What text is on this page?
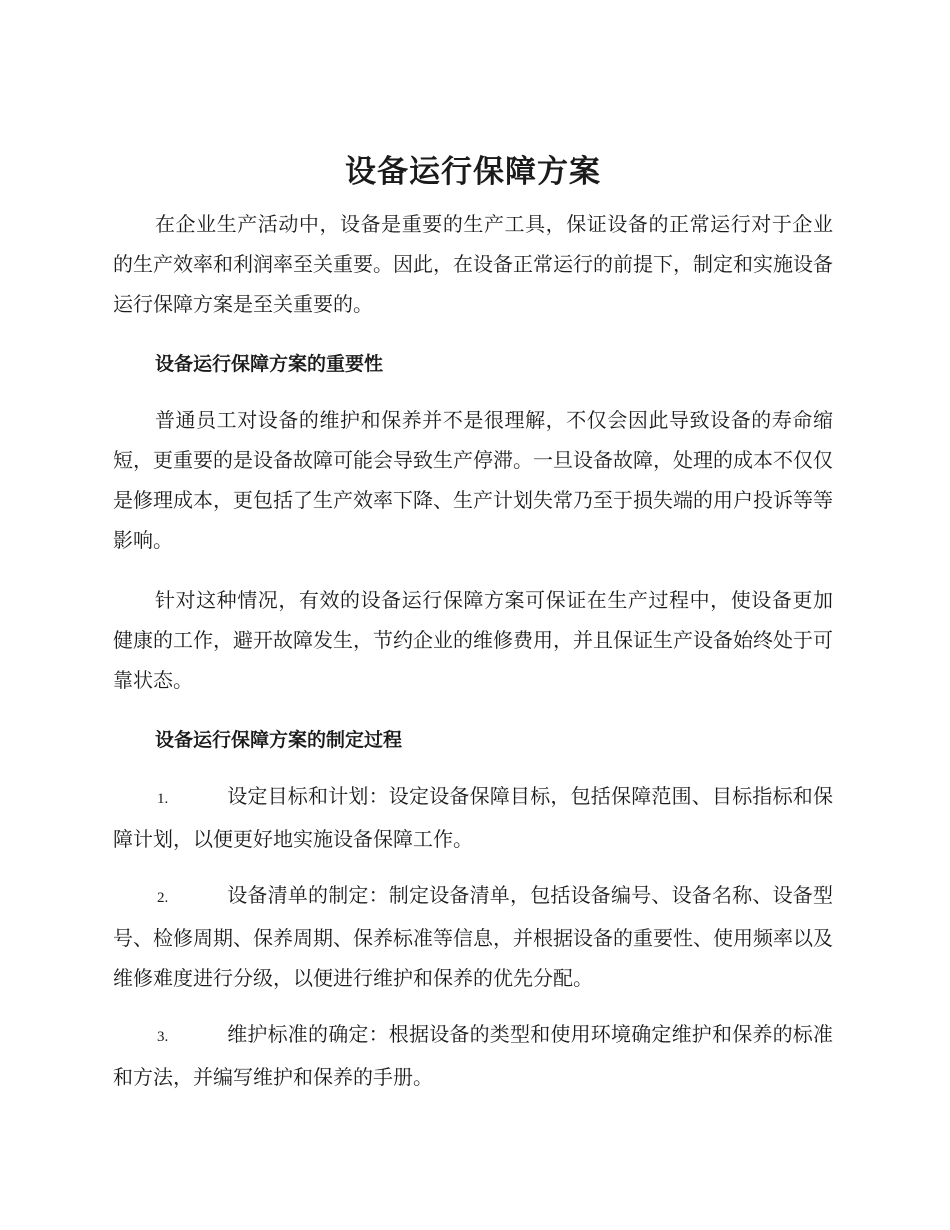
设备运行保障方案

在企业生产活动中，设备是重要的生产工具，保证设备的正常运行对于企业的生产效率和利润率至关重要。因此，在设备正常运行的前提下，制定和实施设备运行保障方案是至关重要的。

设备运行保障方案的重要性

普通员工对设备的维护和保养并不是很理解，不仅会因此导致设备的寿命缩短，更重要的是设备故障可能会导致生产停滞。一旦设备故障，处理的成本不仅仅是修理成本，更包括了生产效率下降、生产计划失常乃至于损失端的用户投诉等等影响。

针对这种情况，有效的设备运行保障方案可保证在生产过程中，使设备更加健康的工作，避开故障发生，节约企业的维修费用，并且保证生产设备始终处于可靠状态。

设备运行保障方案的制定过程
1.	设定目标和计划：设定设备保障目标，包括保障范围、目标指标和保障计划，以便更好地实施设备保障工作。
2.	设备清单的制定：制定设备清单，包括设备编号、设备名称、设备型号、检修周期、保养周期、保养标准等信息，并根据设备的重要性、使用频率以及维修难度进行分级，以便进行维护和保养的优先分配。
3.	维护标准的确定：根据设备的类型和使用环境确定维护和保养的标准和方法，并编写维护和保养的手册。
